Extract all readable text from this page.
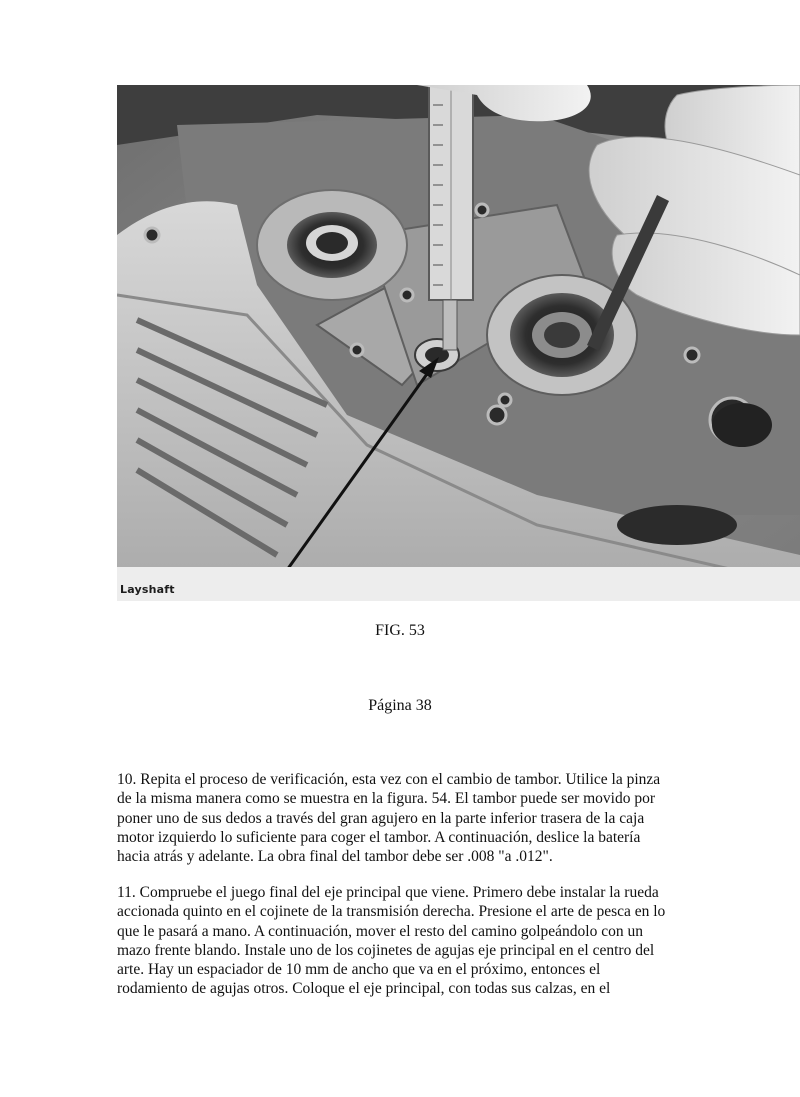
Layshaft
FIG. 53
Página 38

10. Repita el proceso de verificación, esta vez con el cambio de tambor. Utilice la pinza
de la misma manera como se muestra en la figura. 54. El tambor puede ser movido por
poner uno de sus dedos a través del gran agujero en la parte inferior trasera de la caja
motor izquierdo lo suficiente para coger el tambor. A continuación, deslice la batería
hacia atrás y adelante. La obra final del tambor debe ser .008 "a .012".

11. Compruebe el juego final del eje principal que viene. Primero debe instalar la rueda
accionada quinto en el cojinete de la transmisión derecha. Presione el arte de pesca en lo
que le pasará a mano. A continuación, mover el resto del camino golpeándolo con un
mazo frente blando. Instale uno de los cojinetes de agujas eje principal en el centro del
arte. Hay un espaciador de 10 mm de ancho que va en el próximo, entonces el
rodamiento de agujas otros. Coloque el eje principal, con todas sus calzas, en el
